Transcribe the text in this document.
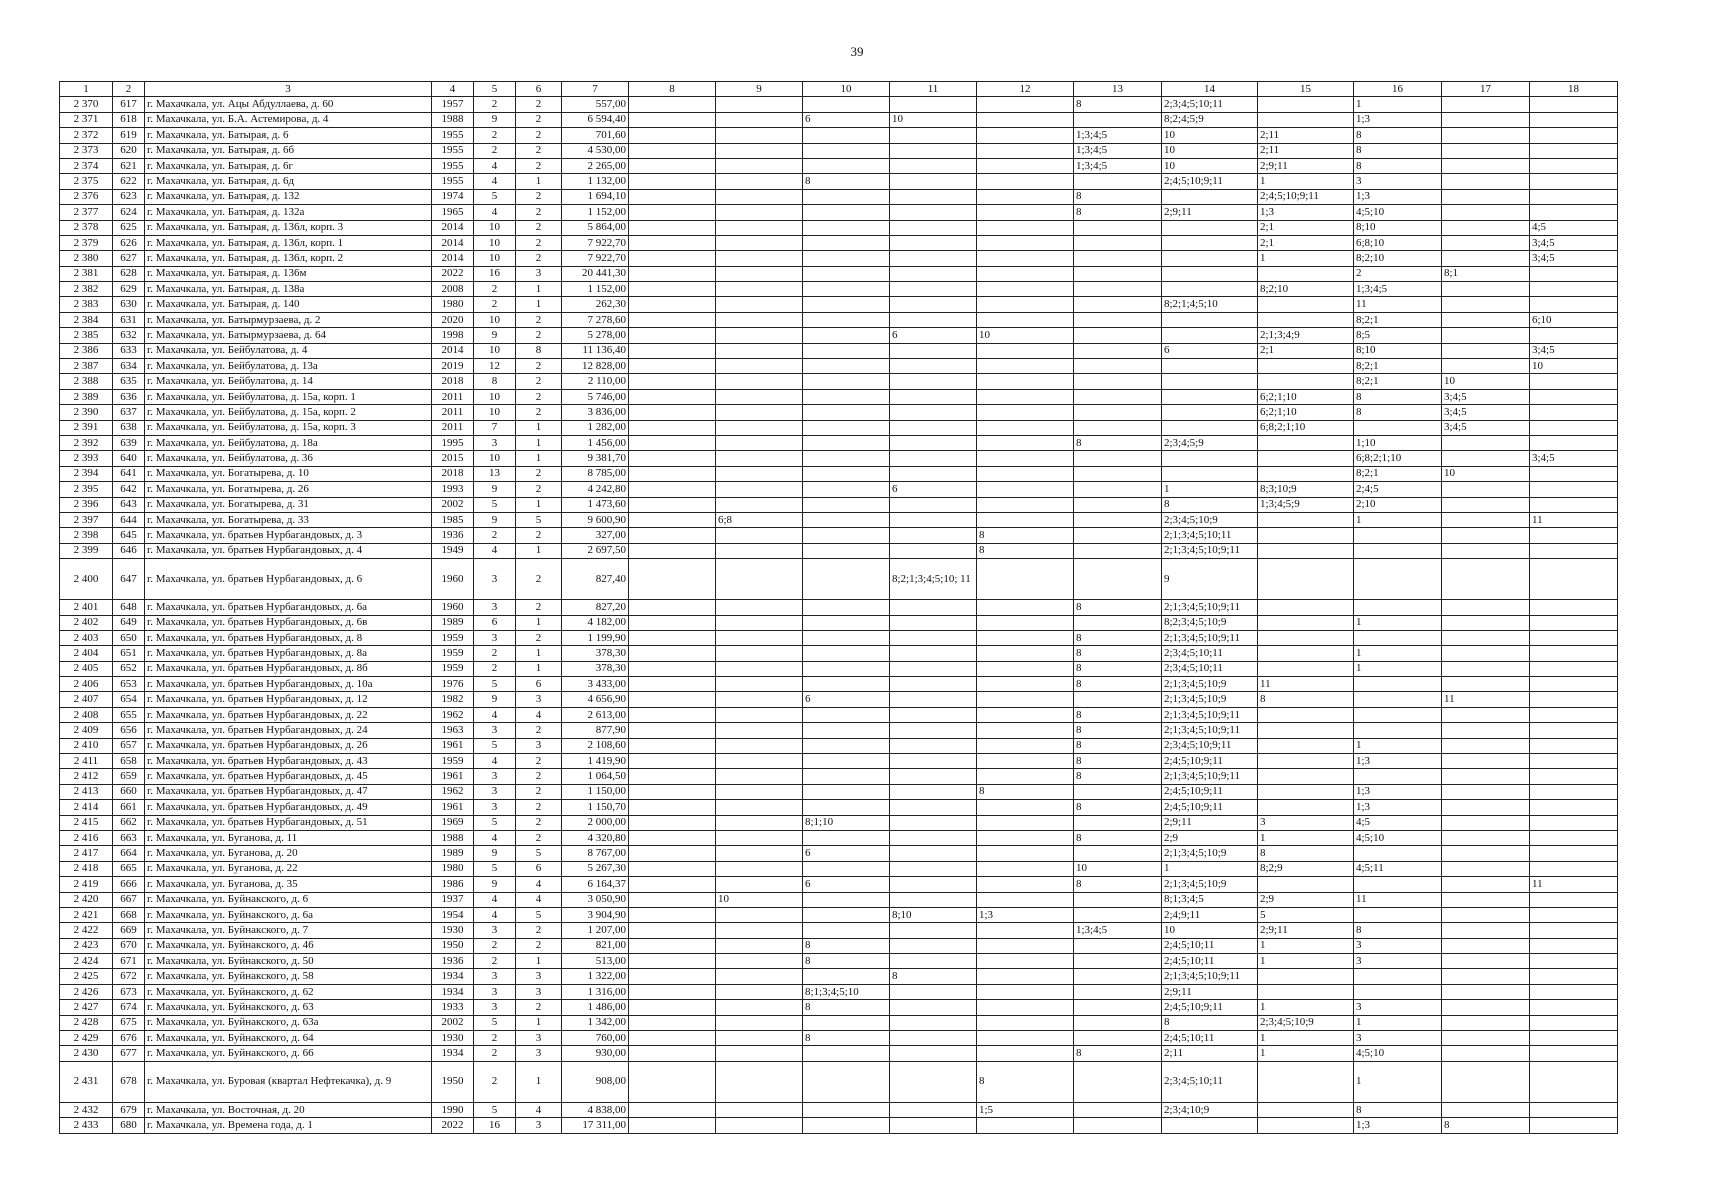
39
1	2	3	4	5	6	7	8	9	10	11	12	13	14	15	16	17	18
2 370	617	г. Махачкала, ул. Ацы Абдуллаева, д. 60	1957	2	2	557,00						8	2;3;4;5;10;11		1		
2 371	618	г. Махачкала, ул. Б.А. Астемирова, д. 4	1988	9	2	6 594,40			6	10			8;2;4;5;9		1;3		
2 372	619	г. Махачкала, ул. Батырая, д. 6	1955	2	2	701,60						1;3;4;5	10	2;11	8		
2 373	620	г. Махачкала, ул. Батырая, д. 6б	1955	2	2	4 530,00						1;3;4;5	10	2;11	8		
2 374	621	г. Махачкала, ул. Батырая, д. 6г	1955	4	2	2 265,00						1;3;4;5	10	2;9;11	8		
2 375	622	г. Махачкала, ул. Батырая, д. 6д	1955	4	1	1 132,00			8				2;4;5;10;9;11	1	3		
2 376	623	г. Махачкала, ул. Батырая, д. 132	1974	5	2	1 694,10						8		2;4;5;10;9;11	1;3		
2 377	624	г. Махачкала, ул. Батырая, д. 132а	1965	4	2	1 152,00						8	2;9;11	1;3	4;5;10		
2 378	625	г. Махачкала, ул. Батырая, д. 136л, корп. 3	2014	10	2	5 864,00								2;1	8;10		4;5
2 379	626	г. Махачкала, ул. Батырая, д. 136л, корп. 1	2014	10	2	7 922,70								2;1	6;8;10		3;4;5
2 380	627	г. Махачкала, ул. Батырая, д. 136л, корп. 2	2014	10	2	7 922,70								1	8;2;10		3;4;5
2 381	628	г. Махачкала, ул. Батырая, д. 136м	2022	16	3	20 441,30									2	8;1	
2 382	629	г. Махачкала, ул. Батырая, д. 138а	2008	2	1	1 152,00								8;2;10	1;3;4;5		
2 383	630	г. Махачкала, ул. Батырая, д. 140	1980	2	1	262,30							8;2;1;4;5;10		11		
2 384	631	г. Махачкала, ул. Батырмурзаева, д. 2	2020	10	2	7 278,60									8;2;1		6;10
2 385	632	г. Махачкала, ул. Батырмурзаева, д. 64	1998	9	2	5 278,00				6	10			2;1;3;4;9	8;5		
2 386	633	г. Махачкала, ул. Бейбулатова, д. 4	2014	10	8	11 136,40							6	2;1	8;10		3;4;5
2 387	634	г. Махачкала, ул. Бейбулатова, д. 13а	2019	12	2	12 828,00									8;2;1		10
2 388	635	г. Махачкала, ул. Бейбулатова, д. 14	2018	8	2	2 110,00									8;2;1	10	
2 389	636	г. Махачкала, ул. Бейбулатова, д. 15а, корп. 1	2011	10	2	5 746,00								6;2;1;10	8	3;4;5	
2 390	637	г. Махачкала, ул. Бейбулатова, д. 15а, корп. 2	2011	10	2	3 836,00								6;2;1;10	8	3;4;5	
2 391	638	г. Махачкала, ул. Бейбулатова, д. 15а, корп. 3	2011	7	1	1 282,00								6;8;2;1;10		3;4;5	
2 392	639	г. Махачкала, ул. Бейбулатова, д. 18а	1995	3	1	1 456,00						8	2;3;4;5;9		1;10		
2 393	640	г. Махачкала, ул. Бейбулатова, д. 36	2015	10	1	9 381,70									6;8;2;1;10		3;4;5
2 394	641	г. Махачкала, ул. Богатырева, д. 10	2018	13	2	8 785,00									8;2;1	10	
2 395	642	г. Махачкала, ул. Богатырева, д. 26	1993	9	2	4 242,80				6			1	8;3;10;9	2;4;5		
2 396	643	г. Махачкала, ул. Богатырева, д. 31	2002	5	1	1 473,60							8	1;3;4;5;9	2;10		
2 397	644	г. Махачкала, ул. Богатырева, д. 33	1985	9	5	9 600,90		6;8					2;3;4;5;10;9		1		11
2 398	645	г. Махачкала, ул. братьев Нурбагандовых, д. 3	1936	2	2	327,00					8		2;1;3;4;5;10;11				
2 399	646	г. Махачкала, ул. братьев Нурбагандовых, д. 4	1949	4	1	2 697,50					8		2;1;3;4;5;10;9;11				
2 400	647	г. Махачкала, ул. братьев Нурбагандовых, д. 6	1960	3	2	827,40				8;2;1;3;4;5;10; 11			9				
2 401	648	г. Махачкала, ул. братьев Нурбагандовых, д. 6а	1960	3	2	827,20						8	2;1;3;4;5;10;9;11				
2 402	649	г. Махачкала, ул. братьев Нурбагандовых, д. 6в	1989	6	1	4 182,00							8;2;3;4;5;10;9		1		
2 403	650	г. Махачкала, ул. братьев Нурбагандовых, д. 8	1959	3	2	1 199,90						8	2;1;3;4;5;10;9;11				
2 404	651	г. Махачкала, ул. братьев Нурбагандовых, д. 8а	1959	2	1	378,30						8	2;3;4;5;10;11		1		
2 405	652	г. Махачкала, ул. братьев Нурбагандовых, д. 8б	1959	2	1	378,30						8	2;3;4;5;10;11		1		
2 406	653	г. Махачкала, ул. братьев Нурбагандовых, д. 10а	1976	5	6	3 433,00						8	2;1;3;4;5;10;9	11			
2 407	654	г. Махачкала, ул. братьев Нурбагандовых, д. 12	1982	9	3	4 656,90			6				2;1;3;4;5;10;9	8		11	
2 408	655	г. Махачкала, ул. братьев Нурбагандовых, д. 22	1962	4	4	2 613,00						8	2;1;3;4;5;10;9;11				
2 409	656	г. Махачкала, ул. братьев Нурбагандовых, д. 24	1963	3	2	877,90						8	2;1;3;4;5;10;9;11				
2 410	657	г. Махачкала, ул. братьев Нурбагандовых, д. 26	1961	5	3	2 108,60						8	2;3;4;5;10;9;11		1		
2 411	658	г. Махачкала, ул. братьев Нурбагандовых, д. 43	1959	4	2	1 419,90						8	2;4;5;10;9;11		1;3		
2 412	659	г. Махачкала, ул. братьев Нурбагандовых, д. 45	1961	3	2	1 064,50						8	2;1;3;4;5;10;9;11				
2 413	660	г. Махачкала, ул. братьев Нурбагандовых, д. 47	1962	3	2	1 150,00					8		2;4;5;10;9;11		1;3		
2 414	661	г. Махачкала, ул. братьев Нурбагандовых, д. 49	1961	3	2	1 150,70						8	2;4;5;10;9;11		1;3		
2 415	662	г. Махачкала, ул. братьев Нурбагандовых, д. 51	1969	5	2	2 000,00			8;1;10				2;9;11	3	4;5		
2 416	663	г. Махачкала, ул. Буганова, д. 11	1988	4	2	4 320,80						8	2;9	1	4;5;10		
2 417	664	г. Махачкала, ул. Буганова, д. 20	1989	9	5	8 767,00			6				2;1;3;4;5;10;9	8			
2 418	665	г. Махачкала, ул. Буганова, д. 22	1980	5	6	5 267,30						10	1	8;2;9	4;5;11		
2 419	666	г. Махачкала, ул. Буганова, д. 35	1986	9	4	6 164,37			6			8	2;1;3;4;5;10;9				11
2 420	667	г. Махачкала, ул. Буйнакского, д. 6	1937	4	4	3 050,90		10					8;1;3;4;5	2;9	11		
2 421	668	г. Махачкала, ул. Буйнакского, д. 6а	1954	4	5	3 904,90				8;10	1;3		2;4;9;11	5			
2 422	669	г. Махачкала, ул. Буйнакского, д. 7	1930	3	2	1 207,00						1;3;4;5	10	2;9;11	8		
2 423	670	г. Махачкала, ул. Буйнакского, д. 46	1950	2	2	821,00			8				2;4;5;10;11	1	3		
2 424	671	г. Махачкала, ул. Буйнакского, д. 50	1936	2	1	513,00			8				2;4;5;10;11	1	3		
2 425	672	г. Махачкала, ул. Буйнакского, д. 58	1934	3	3	1 322,00				8			2;1;3;4;5;10;9;11				
2 426	673	г. Махачкала, ул. Буйнакского, д. 62	1934	3	3	1 316,00			8;1;3;4;5;10				2;9;11				
2 427	674	г. Махачкала, ул. Буйнакского, д. 63	1933	3	2	1 486,00			8				2;4;5;10;9;11	1	3		
2 428	675	г. Махачкала, ул. Буйнакского, д. 63а	2002	5	1	1 342,00							8	2;3;4;5;10;9	1		
2 429	676	г. Махачкала, ул. Буйнакского, д. 64	1930	2	3	760,00			8				2;4;5;10;11	1	3		
2 430	677	г. Махачкала, ул. Буйнакского, д. 66	1934	2	3	930,00						8	2;11	1	4;5;10		
2 431	678	г. Махачкала, ул. Буровая (квартал Нефтекачка), д. 9	1950	2	1	908,00					8		2;3;4;5;10;11		1		
2 432	679	г. Махачкала, ул. Восточная, д. 20	1990	5	4	4 838,00					1;5		2;3;4;10;9		8		
2 433	680	г. Махачкала, ул. Времена года, д. 1	2022	16	3	17 311,00									1;3	8	
